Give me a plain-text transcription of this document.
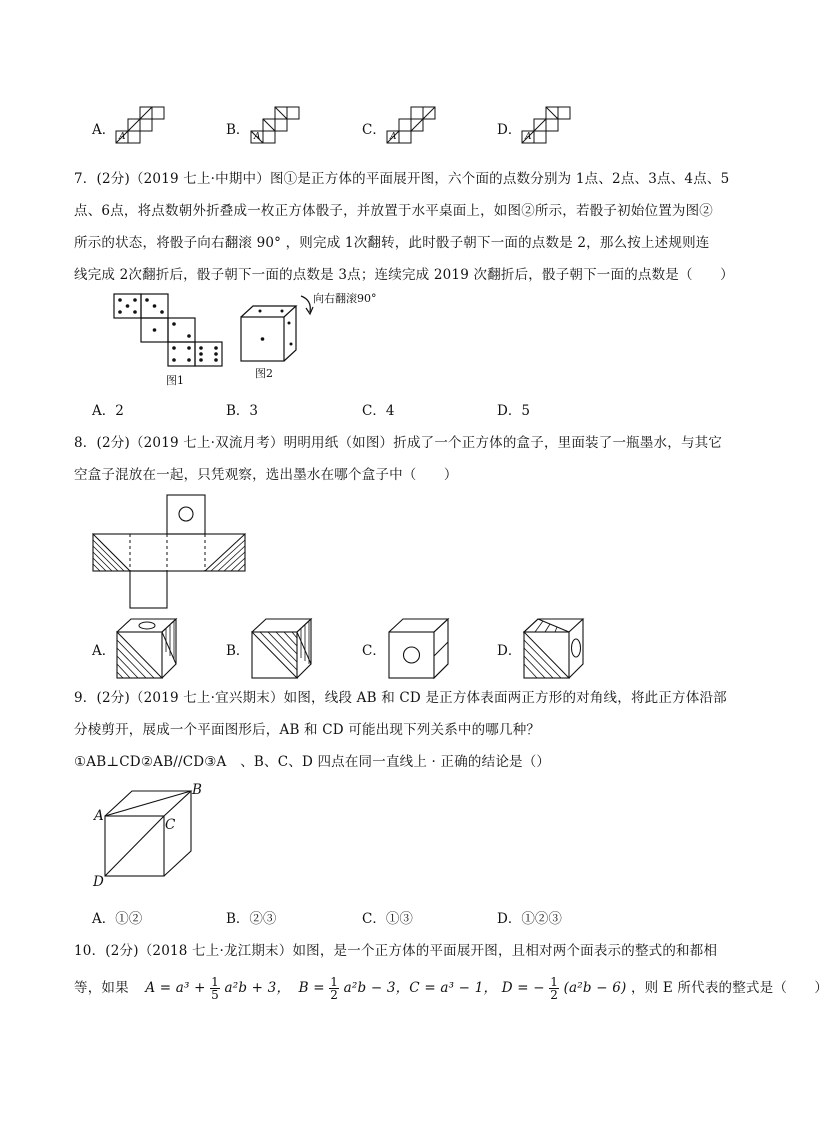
A．	B．	C．	D．
A	A	A	A
7．(2分)（2019 七上·中期中）图①是正方体的平面展开图，六个面的点数分别为 1点、2点、3点、4点、5
点、6点，将点数朝外折叠成一枚正方体骰子，并放置于水平桌面上，如图②所示，若骰子初始位置为图②
所示的状态，将骰子向右翻滚 90° ，则完成 1次翻转，此时骰子朝下一面的点数是 2，那么按上述规则连
线完成 2次翻折后，骰子朝下一面的点数是 3点；连续完成 2019 次翻折后，骰子朝下一面的点数是（　　）
图1
图2
向右翻滚90°
A．2	B．3	C．4	D．5
8．(2分)（2019 七上·双流月考）明明用纸（如图）折成了一个正方体的盒子，里面装了一瓶墨水，与其它
空盒子混放在一起，只凭观察，选出墨水在哪个盒子中（　　）
A．	B．	C．	D．
9．(2分)（2019 七上·宜兴期末）如图，线段 AB 和 CD 是正方体表面两正方形的对角线，将此正方体沿部
分棱剪开，展成一个平面图形后，AB 和 CD 可能出现下列关系中的哪几种？
①AB⊥CD②AB//CD③A　、B、C、D 四点在同一直线上 · 正确的结论是（）
A
B
C
D
A．①②	B．②③	C．①③	D．①②③
10．(2分)（2018 七上·龙江期末）如图，是一个正方体的平面展开图，且相对两个面表示的整式的和都相
等，如果 $A = a^3 + \frac{1}{5} a^2b + 3$， $B = \frac{1}{2} a^2b - 3$，C = a³ − 1， D = − $\frac{1}{2} (a^2b - 6)$ ，则 E 所代表的整式是（　　）
